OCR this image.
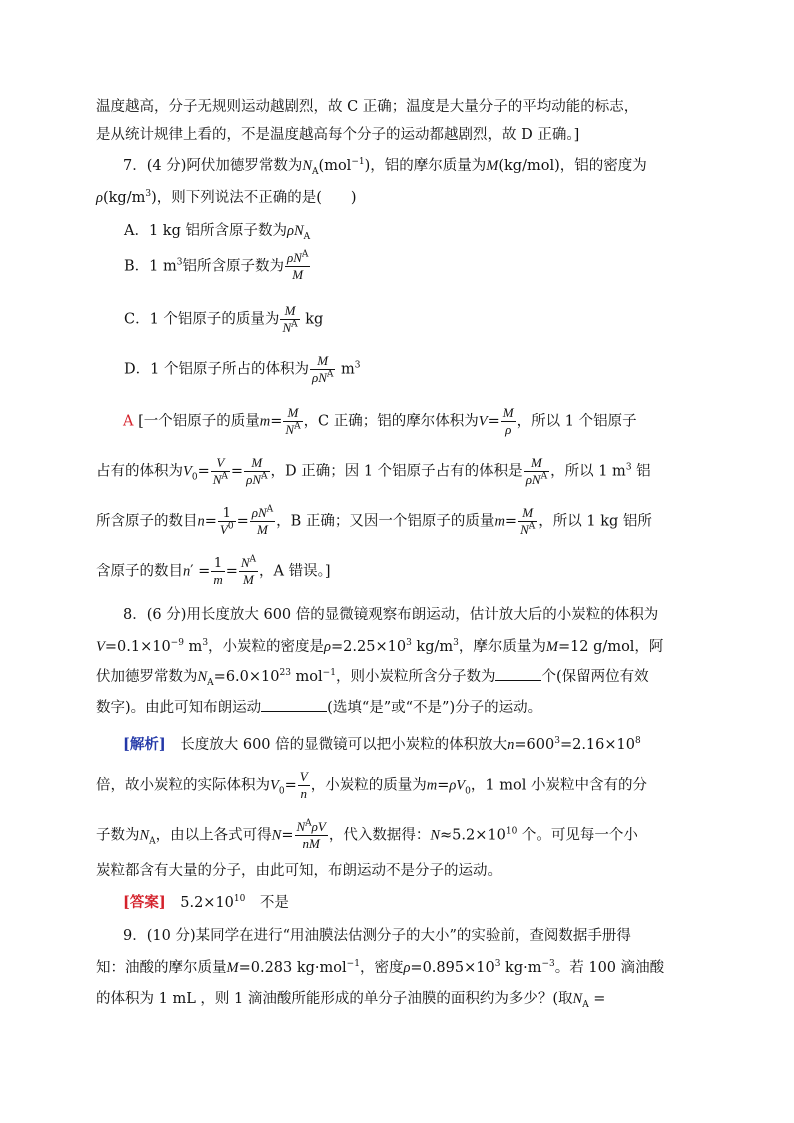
温度越高，分子无规则运动越剧烈，故 C 正确；温度是大量分子的平均动能的标志，
是从统计规律上看的，不是温度越高每个分子的运动都越剧烈，故 D 正确。]
7．(4 分)阿伏加德罗常数为$N_A(mol^{-1})$，铝的摩尔质量为M(kg/mol)，铝的密度为
$\rho(kg/m^3)$，则下列说法不正确的是(　　)
A．1 kg 铝所含原子数为$\rho N_A$
B．1 $m^3$铝所含原子数为 $\frac{\rho N^A}{M}$
C．1 个铝原子的质量为 $\frac{M}{N^A}$ kg
D．1 个铝原子所占的体积为 $\frac{M}{\rho N^A} m^3$
A [一个铝原子的质量$m= \frac{M}{N^A}$ ，C 正确；铝的摩尔体积为$V= \frac{M}{\rho}$ ，所以 1 个铝原子
占有的体积为$V_0= \frac{V}{N^A} = \frac{M}{\rho N^A}$ ，D 正确；因 1 个铝原子占有的体积是 $\frac{M}{\rho N^A}$ ，所以 1 $m^3$ 铝
所含原子的数目$n= \frac{1}{V^0} = \frac{\rho N^A}{M}$ ，B 正确；又因一个铝原子的质量$m= \frac{M}{N^A}$ ，所以 1 kg 铝所
含原子的数目$n' = \frac{1}{m} = \frac{N^A}{M}$ ，A 错误。]
8．(6 分)用长度放大 600 倍的显微镜观察布朗运动，估计放大后的小炭粒的体积为
$V=0.1\times 10^{-9}$ $m^3$，小炭粒的密度是$\rho=2.25\times 10^3$ $kg/m^3$，摩尔质量为M=12 g/mol，阿
伏加德罗常数为$N_A=6.0\times 10^{23}$ mol$^{-1}$，则小炭粒所含分子数为	个(保留两位有效
数字)。由此可知布朗运动	(选填“是”或“不是”)分子的运动。
[解析]　长度放大 600 倍的显微镜可以把小炭粒的体积放大$n=600^3=2.16\times 10^8$
倍，故小炭粒的实际体积为$V_0= \frac{V}{n}$ ，小炭粒的质量为$m=\rho V_0$，1 mol 小炭粒中含有的分
子数为$N_A$，由以上各式可得$N= \frac{N^A\rho V}{nM}$ ，代入数据得：$N\approx 5.2\times 10^{10}$ 个。可见每一个小
炭粒都含有大量的分子，由此可知，布朗运动不是分子的运动。
[答案]　 $5.2\times 10^{10}$　不是
9．(10 分)某同学在进行“用油膜法估测分子的大小”的实验前，查阅数据手册得
知：油酸的摩尔质量M=0.283 kg·mol$^{-1}$，密度$\rho=0.895\times 10^3$ $kg\cdot m^{-3}$。若 100 滴油酸
的体积为 1 mL ，则 1 滴油酸所能形成的单分子油膜的面积约为多少？(取$N_A$ =
